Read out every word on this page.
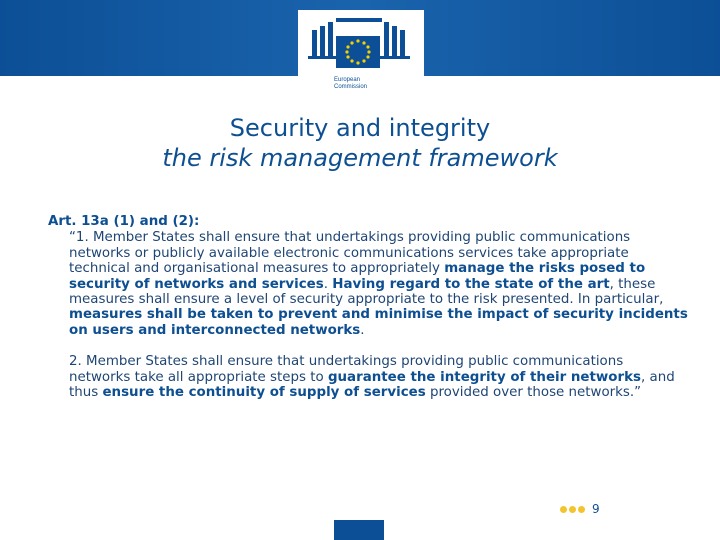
European
Commission
Security and integrity
the risk management framework
Art. 13a (1) and (2):
“1. Member States shall ensure that undertakings providing public communications networks or publicly available electronic communications services take appropriate technical and organisational measures to appropriately manage the risks posed to security of networks and services. Having regard to the state of the art, these measures shall ensure a level of security appropriate to the risk presented. In particular, measures shall be taken to prevent and minimise the impact of security incidents on users and interconnected networks.
2. Member States shall ensure that undertakings providing public communications networks take all appropriate steps to guarantee the integrity of their networks, and thus ensure the continuity of supply of services provided over those networks.”
9
